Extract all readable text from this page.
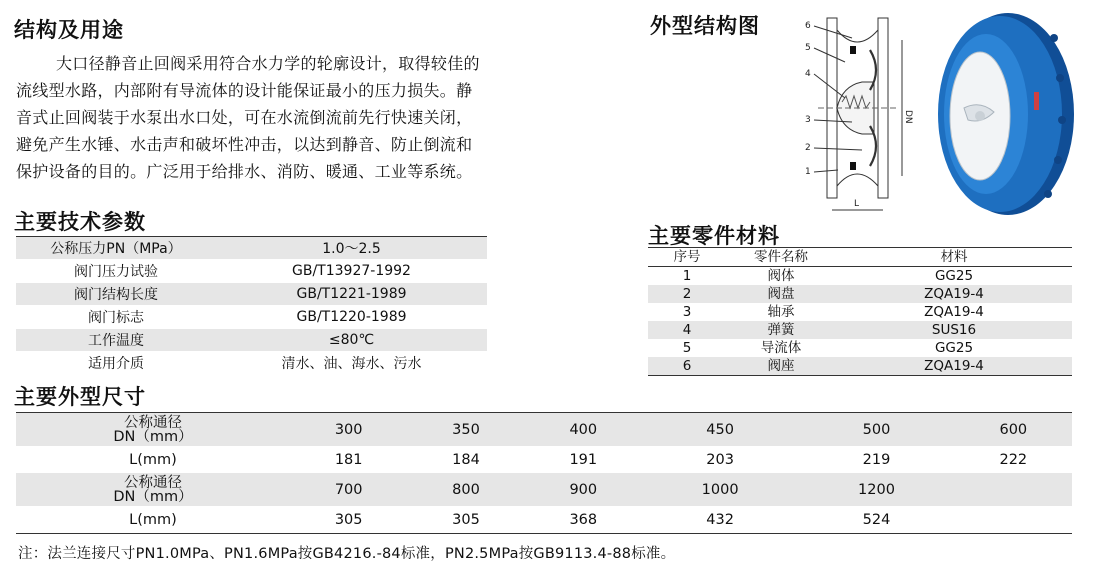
结构及用途

大口径静音止回阀采用符合水力学的轮廓设计，取得较佳的

流线型水路，内部附有导流体的设计能保证最小的压力损失。静

音式止回阀装于水泵出水口处，可在水流倒流前先行快速关闭，

避免产生水锤、水击声和破坏性冲击，以达到静音、防止倒流和

保护设备的目的。广泛用于给排水、消防、暖通、工业等系统。

外型结构图	6
5
4
3
2
1
DN
L
主要技术参数
公称压力PN（MPa）	1.0～2.5
阀门压力试验	GB/T13927-1992
阀门结构长度	GB/T1221-1989
阀门标志	GB/T1220-1989
工作温度	≤80℃
适用介质	清水、油、海水、污水
主要零件材料
序号	零件名称	材料
1	阀体	GG25
2	阀盘	ZQA19-4
3	轴承	ZQA19-4
4	弹簧	SUS16
5	导流体	GG25
6	阀座	ZQA19-4
主要外型尺寸
公称通径
DN（mm）	300	350	400	450	500	600
L(mm)	181	184	191	203	219	222
公称通径
DN（mm）	700	800	900	1000	1200	
L(mm)	305	305	368	432	524	
注：法兰连接尺寸PN1.0MPa、PN1.6MPa按GB4216.-84标准，PN2.5MPa按GB9113.4-88标准。
